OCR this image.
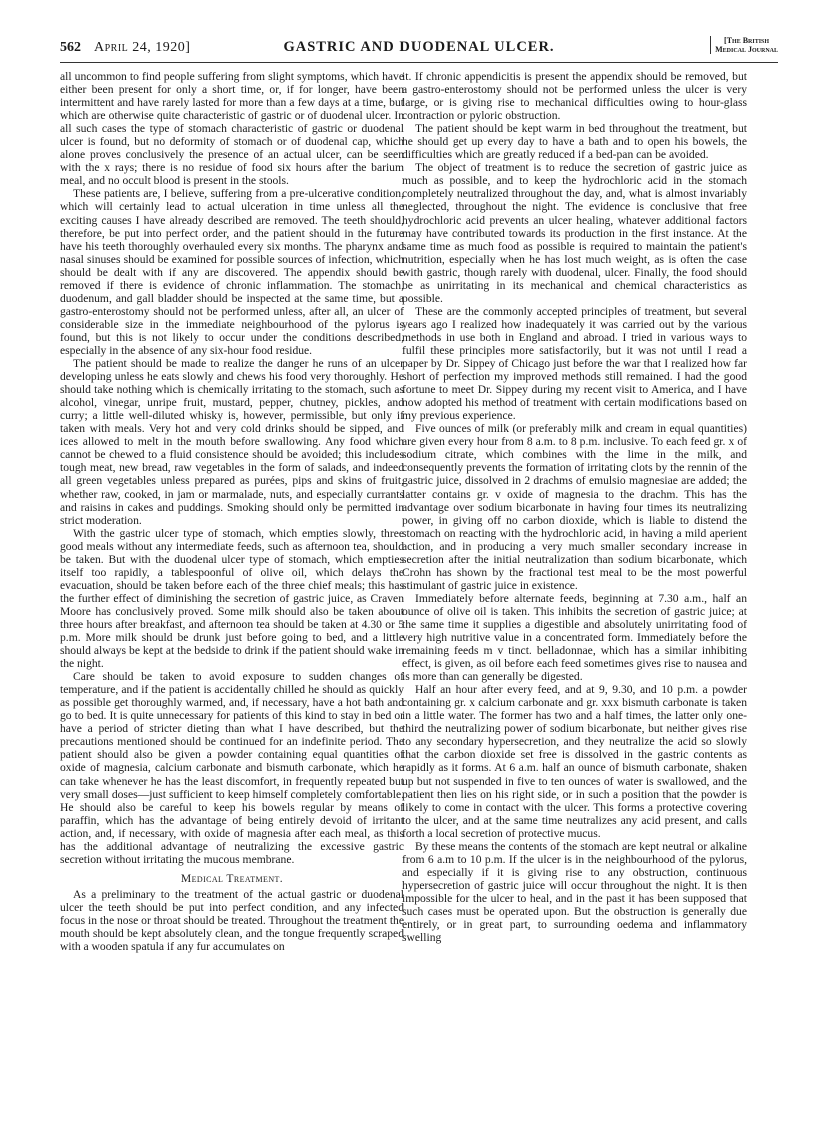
562 April 24, 1920]	GASTRIC AND DUODENAL ULCER.	[The British
Medical Journal

all uncommon to find people suffering from slight symptoms, which have either been present for only a short time, or, if for longer, have been intermittent and have rarely lasted for more than a few days at a time, but which are otherwise quite characteristic of gastric or of duodenal ulcer. In all such cases the type of stomach characteristic of gastric or duodenal ulcer is found, but no deformity of stomach or of duodenal cap, which alone proves conclusively the presence of an actual ulcer, can be seen with the x rays; there is no residue of food six hours after the barium meal, and no occult blood is present in the stools.

These patients are, I believe, suffering from a pre-ulcerative condition, which will certainly lead to actual ulceration in time unless all the exciting causes I have already described are removed. The teeth should, therefore, be put into perfect order, and the patient should in the future have his teeth thoroughly overhauled every six months. The pharynx and nasal sinuses should be examined for possible sources of infection, which should be dealt with if any are discovered. The appendix should be removed if there is evidence of chronic inflammation. The stomach, duodenum, and gall bladder should be inspected at the same time, but a gastro-enterostomy should not be performed unless, after all, an ulcer of considerable size in the immediate neighbourhood of the pylorus is found, but this is not likely to occur under the conditions described, especially in the absence of any six-hour food residue.

The patient should be made to realize the danger he runs of an ulcer developing unless he eats slowly and chews his food very thoroughly. He should take nothing which is chemically irritating to the stomach, such as alcohol, vinegar, unripe fruit, mustard, pepper, chutney, pickles, and curry; a little well-diluted whisky is, however, permissible, but only if taken with meals. Very hot and very cold drinks should be sipped, and ices allowed to melt in the mouth before swallowing. Any food which cannot be chewed to a fluid consistence should be avoided; this includes tough meat, new bread, raw vegetables in the form of salads, and indeed all green vegetables unless prepared as purées, pips and skins of fruit, whether raw, cooked, in jam or marmalade, nuts, and especially currants and raisins in cakes and puddings. Smoking should only be permitted in strict moderation.

With the gastric ulcer type of stomach, which empties slowly, three good meals without any intermediate feeds, such as afternoon tea, should be taken. But with the duodenal ulcer type of stomach, which empties itself too rapidly, a tablespoonful of olive oil, which delays the evacuation, should be taken before each of the three chief meals; this has the further effect of diminishing the secretion of gastric juice, as Craven Moore has conclusively proved. Some milk should also be taken about three hours after breakfast, and afternoon tea should be taken at 4.30 or 5 p.m. More milk should be drunk just before going to bed, and a little should always be kept at the bedside to drink if the patient should wake in the night.

Care should be taken to avoid exposure to sudden changes of temperature, and if the patient is accidentally chilled he should as quickly as possible get thoroughly warmed, and, if necessary, have a hot bath and go to bed. It is quite unnecessary for patients of this kind to stay in bed or have a period of stricter dieting than what I have described, but the precautions mentioned should be continued for an indefinite period. The patient should also be given a powder containing equal quantities of oxide of magnesia, calcium carbonate and bismuth carbonate, which he can take whenever he has the least discomfort, in frequently repeated but very small doses—just sufficient to keep himself completely comfortable. He should also be careful to keep his bowels regular by means of paraffin, which has the advantage of being entirely devoid of irritant action, and, if necessary, with oxide of magnesia after each meal, as this has the additional advantage of neutralizing the excessive gastric secretion without irritating the mucous membrane.

Medical Treatment.

As a preliminary to the treatment of the actual gastric or duodenal ulcer the teeth should be put into perfect condition, and any infected focus in the nose or throat should be treated. Throughout the treatment the mouth should be kept absolutely clean, and the tongue frequently scraped with a wooden spatula if any fur accumulates on

it. If chronic appendicitis is present the appendix should be removed, but a gastro-enterostomy should not be performed unless the ulcer is very large, or is giving rise to mechanical difficulties owing to hour-glass contraction or pyloric obstruction.

The patient should be kept warm in bed throughout the treatment, but he should get up every day to have a bath and to open his bowels, the difficulties which are greatly reduced if a bed-pan can be avoided.

The object of treatment is to reduce the secretion of gastric juice as much as possible, and to keep the hydrochloric acid in the stomach completely neutralized throughout the day, and, what is almost invariably neglected, throughout the night. The evidence is conclusive that free hydrochloric acid prevents an ulcer healing, whatever additional factors may have contributed towards its production in the first instance. At the same time as much food as possible is required to maintain the patient's nutrition, especially when he has lost much weight, as is often the case with gastric, though rarely with duodenal, ulcer. Finally, the food should be as unirritating in its mechanical and chemical characteristics as possible.

These are the commonly accepted principles of treatment, but several years ago I realized how inadequately it was carried out by the various methods in use both in England and abroad. I tried in various ways to fulfil these principles more satisfactorily, but it was not until I read a paper by Dr. Sippey of Chicago just before the war that I realized how far short of perfection my improved methods still remained. I had the good fortune to meet Dr. Sippey during my recent visit to America, and I have now adopted his method of treatment with certain modifications based on my previous experience.

Five ounces of milk (or preferably milk and cream in equal quantities) are given every hour from 8 a.m. to 8 p.m. inclusive. To each feed gr. x of sodium citrate, which combines with the lime in the milk, and consequently prevents the formation of irritating clots by the rennin of the gastric juice, dissolved in 2 drachms of emulsio magnesiae are added; the latter contains gr. v oxide of magnesia to the drachm. This has the advantage over sodium bicarbonate in having four times its neutralizing power, in giving off no carbon dioxide, which is liable to distend the stomach on reacting with the hydrochloric acid, in having a mild aperient action, and in producing a very much smaller secondary increase in secretion after the initial neutralization than sodium bicarbonate, which Crohn has shown by the fractional test meal to be the most powerful stimulant of gastric juice in existence.

Immediately before alternate feeds, beginning at 7.30 a.m., half an ounce of olive oil is taken. This inhibits the secretion of gastric juice; at the same time it supplies a digestible and absolutely unirritating food of very high nutritive value in a concentrated form. Immediately before the remaining feeds m v tinct. belladonnae, which has a similar inhibiting effect, is given, as oil before each feed sometimes gives rise to nausea and is more than can generally be digested.

Half an hour after every feed, and at 9, 9.30, and 10 p.m. a powder containing gr. x calcium carbonate and gr. xxx bismuth carbonate is taken in a little water. The former has two and a half times, the latter only one-third the neutralizing power of sodium bicarbonate, but neither gives rise to any secondary hypersecretion, and they neutralize the acid so slowly that the carbon dioxide set free is dissolved in the gastric contents as rapidly as it forms. At 6 a.m. half an ounce of bismuth carbonate, shaken up but not suspended in five to ten ounces of water is swallowed, and the patient then lies on his right side, or in such a position that the powder is likely to come in contact with the ulcer. This forms a protective covering to the ulcer, and at the same time neutralizes any acid present, and calls forth a local secretion of protective mucus.

By these means the contents of the stomach are kept neutral or alkaline from 6 a.m to 10 p.m. If the ulcer is in the neighbourhood of the pylorus, and especially if it is giving rise to any obstruction, continuous hypersecretion of gastric juice will occur throughout the night. It is then impossible for the ulcer to heal, and in the past it has been supposed that such cases must be operated upon. But the obstruction is generally due entirely, or in great part, to surrounding oedema and inflammatory swelling
